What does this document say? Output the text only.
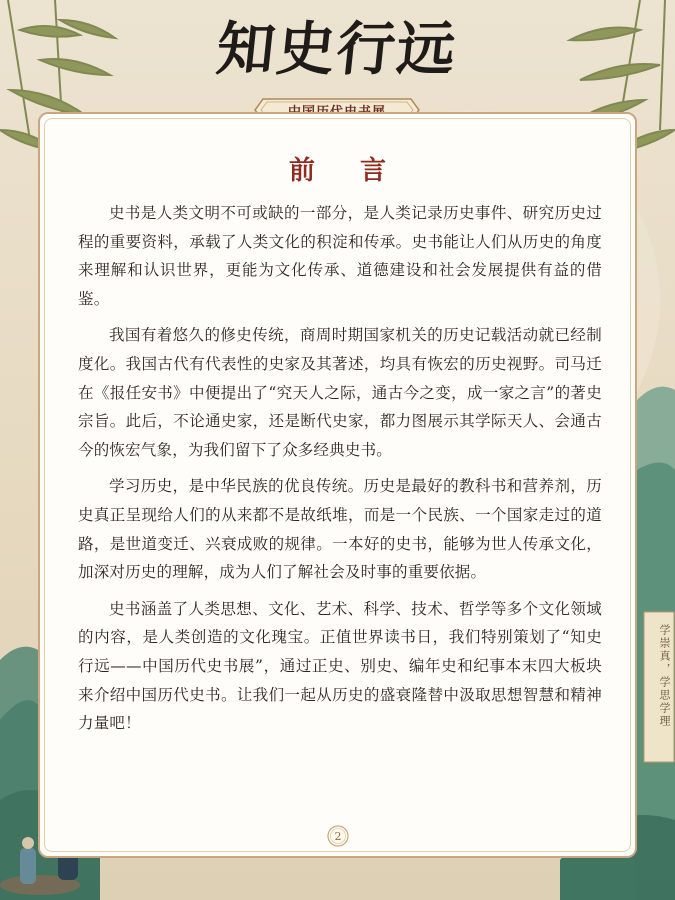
知史行远
前 言

史书是人类文明不可或缺的一部分，是人类记录历史事件、研究历史过程的重要资料，承载了人类文化的积淀和传承。史书能让人们从历史的角度来理解和认识世界，更能为文化传承、道德建设和社会发展提供有益的借鉴。

我国有着悠久的修史传统，商周时期国家机关的历史记载活动就已经制度化。我国古代有代表性的史家及其著述，均具有恢宏的历史视野。司马迁在《报任安书》中便提出了“究天人之际，通古今之变，成一家之言”的著史宗旨。此后，不论通史家，还是断代史家，都力图展示其学际天人、会通古今的恢宏气象，为我们留下了众多经典史书。

学习历史，是中华民族的优良传统。历史是最好的教科书和营养剂，历史真正呈现给人们的从来都不是故纸堆，而是一个民族、一个国家走过的道路，是世道变迁、兴衰成败的规律。一本好的史书，能够为世人传承文化，加深对历史的理解，成为人们了解社会及时事的重要依据。

史书涵盖了人类思想、文化、艺术、科学、技术、哲学等多个文化领域的内容，是人类创造的文化瑰宝。正值世界读书日，我们特别策划了“知史行远——中国历代史书展”，通过正史、别史、编年史和纪事本末四大板块来介绍中国历代史书。让我们一起从历史的盛衰隆替中汲取思想智慧和精神力量吧！

2
学崇真，学思学理
